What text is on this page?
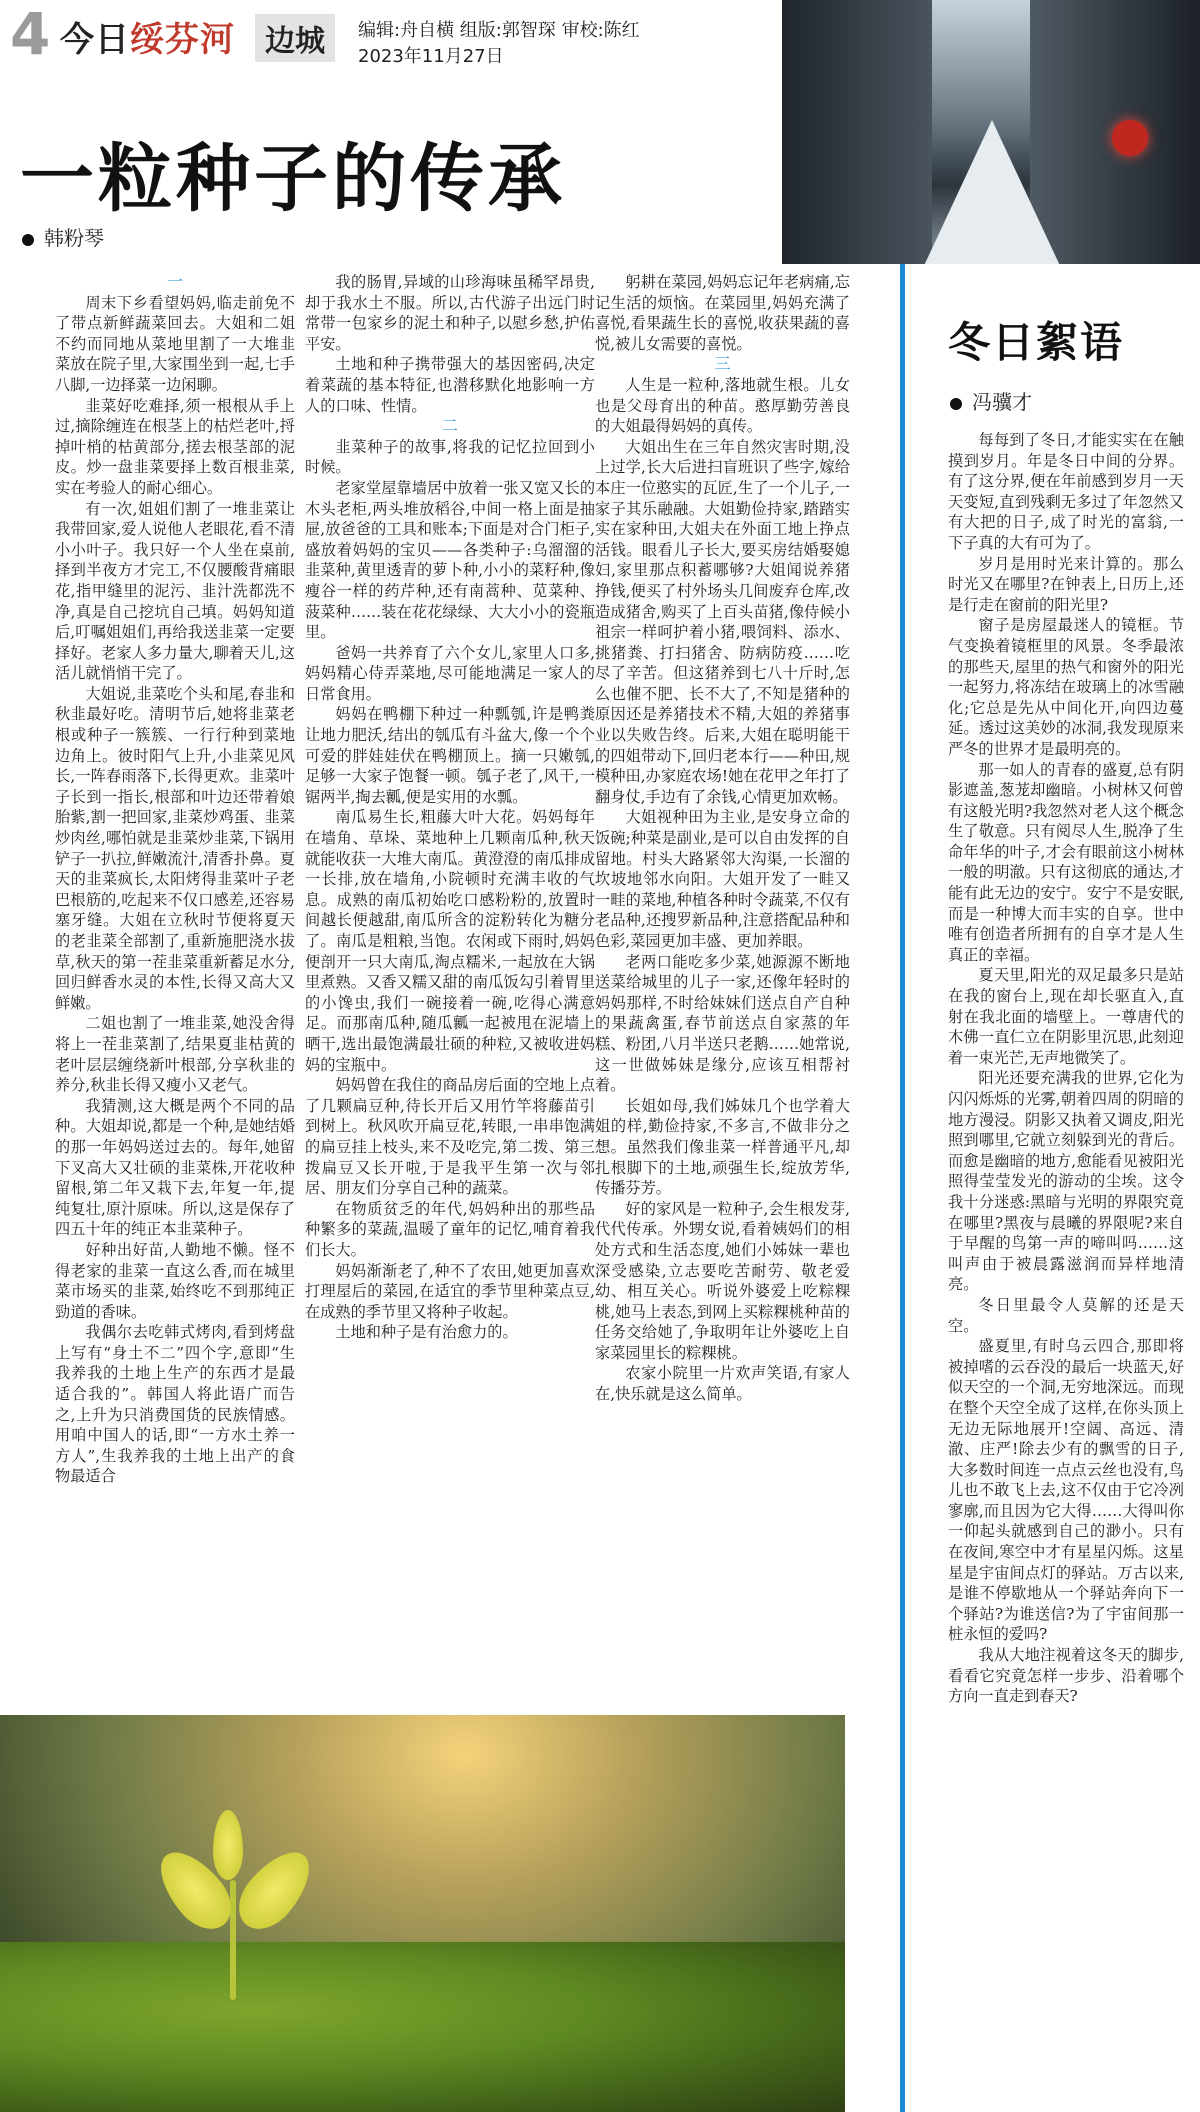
4 今日绥芬河	边城	编辑:舟自横 组版:郭智琛 审校:陈红
2023年11月27日
一粒种子的传承
韩粉琴

一

周末下乡看望妈妈,临走前免不了带点新鲜蔬菜回去。大姐和二姐不约而同地从菜地里割了一大堆韭菜放在院子里,大家围坐到一起,七手八脚,一边择菜一边闲聊。

韭菜好吃难择,须一根根从手上过,摘除缠连在根茎上的枯烂老叶,捋掉叶梢的枯黄部分,搓去根茎部的泥皮。炒一盘韭菜要择上数百根韭菜,实在考验人的耐心细心。

有一次,姐姐们割了一堆韭菜让我带回家,爱人说他人老眼花,看不清小小叶子。我只好一个人坐在桌前,择到半夜方才完工,不仅腰酸背痛眼花,指甲缝里的泥污、韭汁洗都洗不净,真是自己挖坑自己填。妈妈知道后,叮嘱姐姐们,再给我送韭菜一定要择好。老家人多力量大,聊着天儿,这活儿就悄悄干完了。

大姐说,韭菜吃个头和尾,春韭和秋韭最好吃。清明节后,她将韭菜老根或种子一簇簇、一行行种到菜地边角上。彼时阳气上升,小韭菜见风长,一阵春雨落下,长得更欢。韭菜叶子长到一指长,根部和叶边还带着娘胎紫,割一把回家,韭菜炒鸡蛋、韭菜炒肉丝,哪怕就是韭菜炒韭菜,下锅用铲子一扒拉,鲜嫩流汁,清香扑鼻。夏天的韭菜疯长,太阳烤得韭菜叶子老巴根筋的,吃起来不仅口感差,还容易塞牙缝。大姐在立秋时节便将夏天的老韭菜全部割了,重新施肥浇水拔草,秋天的第一茬韭菜重新蓄足水分,回归鲜香水灵的本性,长得又高大又鲜嫩。

二姐也割了一堆韭菜,她没舍得将上一茬韭菜割了,结果夏韭枯黄的老叶层层缠绕新叶根部,分享秋韭的养分,秋韭长得又瘦小又老气。

我猜测,这大概是两个不同的品种。大姐却说,都是一个种,是她结婚的那一年妈妈送过去的。每年,她留下叉高大又壮硕的韭菜株,开花收种留根,第二年又栽下去,年复一年,提纯复壮,原汁原味。所以,这是保存了四五十年的纯正本韭菜种子。

好种出好苗,人勤地不懒。怪不得老家的韭菜一直这么香,而在城里菜市场买的韭菜,始终吃不到那纯正勁道的香味。

我偶尔去吃韩式烤肉,看到烤盘上写有“身土不二”四个字,意即“生我养我的土地上生产的东西才是最适合我的”。韩国人将此语广而告之,上升为只消费国货的民族情感。用咱中国人的话,即“一方水土养一方人”,生我养我的土地上出产的食物最适合

我的肠胃,异域的山珍海味虽稀罕昂贵,却于我水土不服。所以,古代游子出远门时常带一包家乡的泥土和种子,以慰乡愁,护佑平安。

土地和种子携带强大的基因密码,决定着菜蔬的基本特征,也潜移默化地影响一方人的口味、性情。

二

韭菜种子的故事,将我的记忆拉回到小时候。

老家堂屋靠墙居中放着一张又宽又长的木头老柜,两头堆放稻谷,中间一格上面是抽屉,放爸爸的工具和账本;下面是对合门柜子,盛放着妈妈的宝贝——各类种子:乌溜溜的韭菜种,黄里透青的萝卜种,小小的菜籽种,像瘦谷一样的药芹种,还有南蒿种、苋菜种、菠菜种……装在花花绿绿、大大小小的瓷瓶里。

爸妈一共养育了六个女儿,家里人口多,妈妈精心侍弄菜地,尽可能地满足一家人的日常食用。

妈妈在鸭棚下种过一种瓢瓠,许是鸭粪让地力肥沃,结出的瓠瓜有斗盆大,像一个个可爱的胖娃娃伏在鸭棚顶上。摘一只嫩瓠,足够一大家子饱餐一顿。瓠子老了,风干,一锯两半,掏去瓤,便是实用的水瓢。

南瓜易生长,粗藤大叶大花。妈妈每年在墙角、草垛、菜地种上几颗南瓜种,秋天就能收获一大堆大南瓜。黄澄澄的南瓜排成一长排,放在墙角,小院顿时充满丰收的气息。成熟的南瓜初始吃口感粉粉的,放置时间越长便越甜,南瓜所含的淀粉转化为糖分了。南瓜是粗粮,当饱。农闲或下雨时,妈妈便剖开一只大南瓜,淘点糯米,一起放在大锅里煮熟。又香又糯又甜的南瓜饭勾引着胃里的小馋虫,我们一碗接着一碗,吃得心满意足。而那南瓜种,随瓜瓤一起被甩在泥墙上晒干,选出最饱满最壮硕的种粒,又被收进妈妈的宝瓶中。

妈妈曾在我住的商品房后面的空地上点了几颗扁豆种,待长开后又用竹竿将藤苗引到树上。秋风吹开扁豆花,转眼,一串串饱满的扁豆挂上枝头,来不及吃完,第二拨、第三拨扁豆又长开啦,于是我平生第一次与邻居、朋友们分享自己种的蔬菜。

在物质贫乏的年代,妈妈种出的那些品种繁多的菜蔬,温暖了童年的记忆,哺育着我们长大。

妈妈渐渐老了,种不了农田,她更加喜欢打理屋后的菜园,在适宜的季节里种菜点豆,在成熟的季节里又将种子收起。

土地和种子是有治愈力的。

躬耕在菜园,妈妈忘记年老病痛,忘记生活的烦恼。在菜园里,妈妈充满了喜悦,看果蔬生长的喜悦,收获果蔬的喜悦,被儿女需要的喜悦。

三

人生是一粒种,落地就生根。儿女也是父母育出的种苗。憨厚勤劳善良的大姐最得妈妈的真传。

大姐出生在三年自然灾害时期,没上过学,长大后进扫盲班识了些字,嫁给本庄一位憨实的瓦匠,生了一个儿子,一家子其乐融融。大姐勤俭持家,踏踏实实在家种田,大姐夫在外面工地上挣点活钱。眼看儿子长大,要买房结婚娶媳妇,家里那点积蓄哪够?大姐闻说养猪挣钱,便买了村外场头几间废弃仓库,改造成猪舍,购买了上百头苗猪,像侍候小祖宗一样呵护着小猪,喂饲料、添水、挑猪粪、打扫猪舍、防病防疫……吃尽了辛苦。但这猪养到七八十斤时,怎么也催不肥、长不大了,不知是猪种的原因还是养猪技术不精,大姐的养猪事业以失败告终。后来,大姐在聪明能干的四姐带动下,回归老本行——种田,规模种田,办家庭农场!她在花甲之年打了翻身仗,手边有了余钱,心情更加欢畅。

大姐视种田为主业,是安身立命的饭碗;种菜是副业,是可以自由发挥的自留地。村头大路紧邻大沟渠,一长溜的坎坡地邻水向阳。大姐开发了一畦又一畦的菜地,种植各种时令蔬菜,不仅有老品种,还搜罗新品种,注意搭配品种和色彩,菜园更加丰盛、更加养眼。

老两口能吃多少菜,她源源不断地送菜给城里的儿子一家,还像年轻时的妈妈那样,不时给妹妹们送点自产自种的果蔬禽蛋,春节前送点自家蒸的年糕、粉团,八月半送只老鹅……她常说,这一世做姊妹是缘分,应该互相帮衬着。

长姐如母,我们姊妹几个也学着大姐的样,勤俭持家,不多言,不做非分之想。虽然我们像韭菜一样普通平凡,却扎根脚下的土地,顽强生长,绽放芳华,传播芬芳。

好的家风是一粒种子,会生根发芽,代代传承。外甥女说,看着姨妈们的相处方式和生活态度,她们小姊妹一辈也深受感染,立志要吃苦耐劳、敬老爱幼、相互关心。听说外婆爱上吃粽粿桃,她马上表态,到网上买粽粿桃种苗的任务交给她了,争取明年让外婆吃上自家菜园里长的粽粿桃。

农家小院里一片欢声笑语,有家人在,快乐就是这么简单。

冬日絮语
冯骥才

每每到了冬日,才能实实在在触摸到岁月。年是冬日中间的分界。有了这分界,便在年前感到岁月一天天变短,直到残剩无多过了年忽然又有大把的日子,成了时光的富翁,一下子真的大有可为了。

岁月是用时光来计算的。那么时光又在哪里?在钟表上,日历上,还是行走在窗前的阳光里?

窗子是房屋最迷人的镜框。节气变换着镜框里的风景。冬季最浓的那些天,屋里的热气和窗外的阳光一起努力,将冻结在玻璃上的冰雪融化;它总是先从中间化开,向四边蔓延。透过这美妙的冰洞,我发现原来严冬的世界才是最明亮的。

那一如人的青春的盛夏,总有阴影遮盖,葱茏却幽暗。小树林又何曾有这般光明?我忽然对老人这个概念生了敬意。只有阅尽人生,脱净了生命年华的叶子,才会有眼前这小树林一般的明澈。只有这彻底的通达,才能有此无边的安宁。安宁不是安眠,而是一种博大而丰实的自享。世中唯有创造者所拥有的自享才是人生真正的幸福。

夏天里,阳光的双足最多只是站在我的窗台上,现在却长驱直入,直射在我北面的墙壁上。一尊唐代的木佛一直仁立在阴影里沉思,此刻迎着一束光芒,无声地微笑了。

阳光还要充满我的世界,它化为闪闪烁烁的光雾,朝着四周的阴暗的地方漫浸。阴影又执着又调皮,阳光照到哪里,它就立刻躲到光的背后。而愈是幽暗的地方,愈能看见被阳光照得莹莹发光的游动的尘埃。这令我十分迷惑:黑暗与光明的界限究竟在哪里?黑夜与晨曦的界限呢?来自于早醒的鸟第一声的啼叫吗……这叫声由于被晨露滋润而异样地清亮。

冬日里最令人莫解的还是天空。

盛夏里,有时乌云四合,那即将被掉嗜的云吞没的最后一块蓝天,好似天空的一个洞,无穷地深远。而现在整个天空全成了这样,在你头顶上无边无际地展开!空阔、高远、清澈、庄严!除去少有的飘雪的日子,大多数时间连一点点云丝也没有,鸟儿也不敢飞上去,这不仅由于它冷冽寥廓,而且因为它大得……大得叫你一仰起头就感到自己的渺小。只有在夜间,寒空中才有星星闪烁。这星星是宇宙间点灯的驿站。万古以来,是谁不停歇地从一个驿站奔向下一个驿站?为谁送信?为了宇宙间那一桩永恒的爱吗?

我从大地注视着这冬天的脚步,看看它究竟怎样一步步、沿着哪个方向一直走到春天?
